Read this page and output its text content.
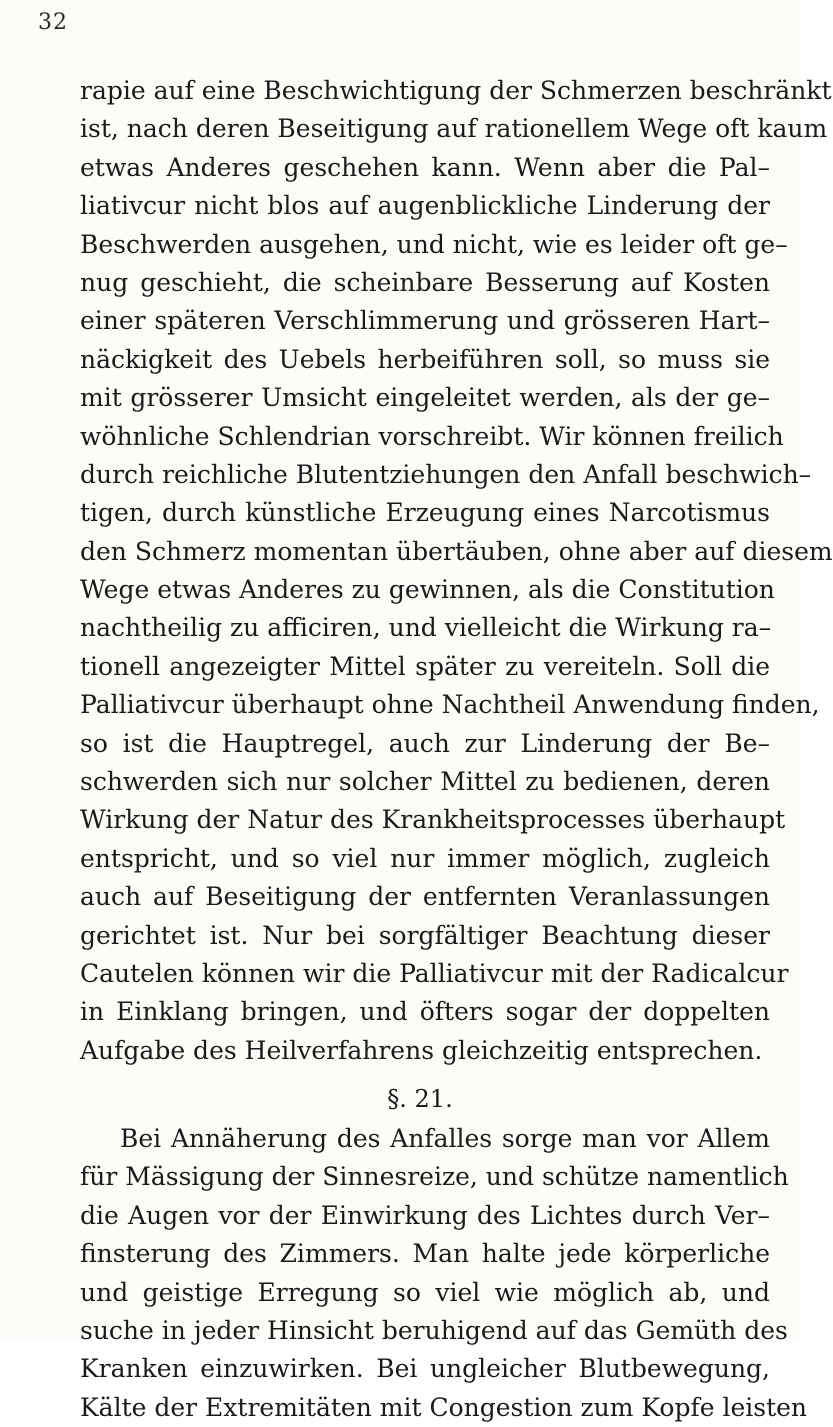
32
rapie auf eine Beschwichtigung der Schmerzen beschränkt
ist, nach deren Beseitigung auf rationellem Wege oft kaum
etwas Anderes geschehen kann. Wenn aber die Pal–
liativcur nicht blos auf augenblickliche Linderung der
Beschwerden ausgehen, und nicht, wie es leider oft ge–
nug geschieht, die scheinbare Besserung auf Kosten
einer späteren Verschlimmerung und grösseren Hart–
näckigkeit des Uebels herbeiführen soll, so muss sie
mit grösserer Umsicht eingeleitet werden, als der ge–
wöhnliche Schlendrian vorschreibt. Wir können freilich
durch reichliche Blutentziehungen den Anfall beschwich–
tigen, durch künstliche Erzeugung eines Narcotismus
den Schmerz momentan übertäuben, ohne aber auf diesem
Wege etwas Anderes zu gewinnen, als die Constitution
nachtheilig zu afficiren, und vielleicht die Wirkung ra–
tionell angezeigter Mittel später zu vereiteln. Soll die
Palliativcur überhaupt ohne Nachtheil Anwendung finden,
so ist die Hauptregel, auch zur Linderung der Be–
schwerden sich nur solcher Mittel zu bedienen, deren
Wirkung der Natur des Krankheitsprocesses überhaupt
entspricht, und so viel nur immer möglich, zugleich
auch auf Beseitigung der entfernten Veranlassungen
gerichtet ist. Nur bei sorgfältiger Beachtung dieser
Cautelen können wir die Palliativcur mit der Radicalcur
in Einklang bringen, und öfters sogar der doppelten
Aufgabe des Heilverfahrens gleichzeitig entsprechen.
§. 21.
Bei Annäherung des Anfalles sorge man vor Allem
für Mässigung der Sinnesreize, und schütze namentlich
die Augen vor der Einwirkung des Lichtes durch Ver–
finsterung des Zimmers. Man halte jede körperliche
und geistige Erregung so viel wie möglich ab, und
suche in jeder Hinsicht beruhigend auf das Gemüth des
Kranken einzuwirken. Bei ungleicher Blutbewegung,
Kälte der Extremitäten mit Congestion zum Kopfe leisten
